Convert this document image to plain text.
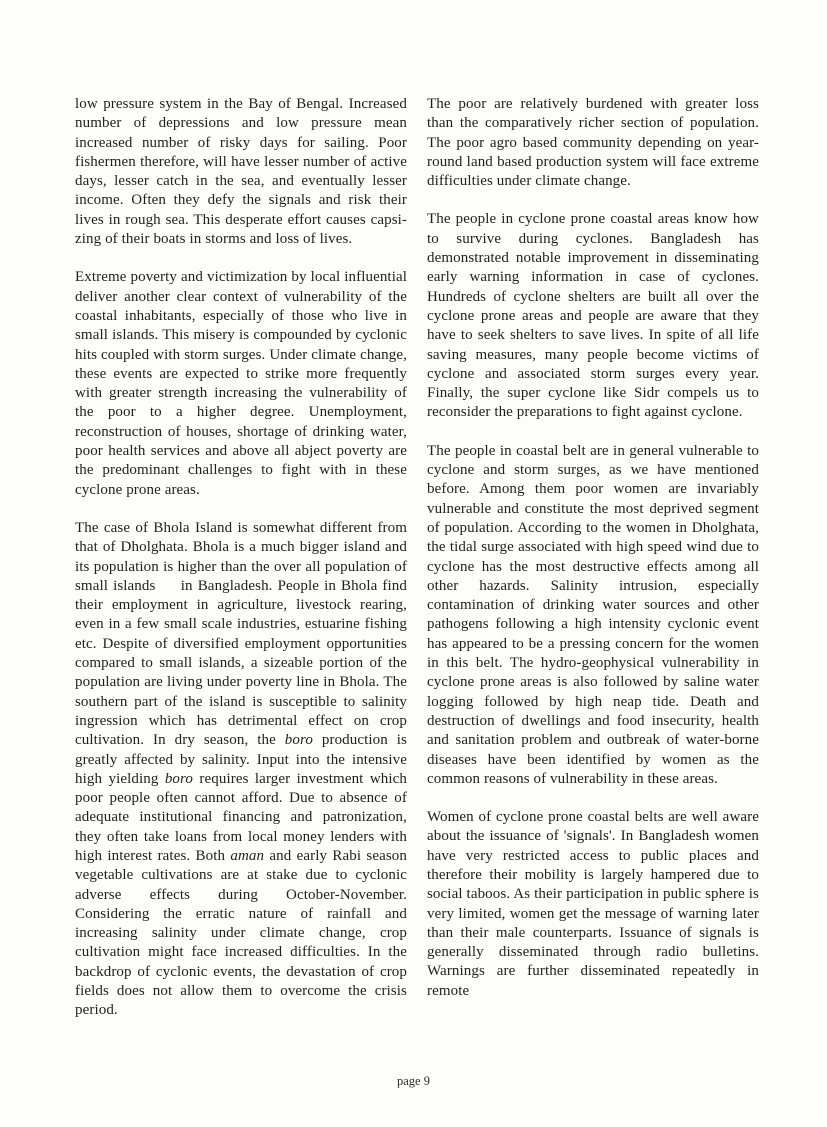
low pressure system in the Bay of Bengal. Increased number of depressions and low pressure mean increased number of risky days for sailing. Poor fishermen therefore, will have lesser number of active days, lesser catch in the sea, and eventually lesser income. Often they defy the signals and risk their lives in rough sea. This desperate effort causes capsi-zing of their boats in storms and loss of lives.

Extreme poverty and victimization by local influential deliver another clear context of vulnerability of the coastal inhabitants, especially of those who live in small islands. This misery is compounded by cyclonic hits coupled with storm surges. Under climate change, these events are expected to strike more frequently with greater strength increasing the vulnerability of the poor to a higher degree. Unemployment, reconstruction of houses, shortage of drinking water, poor health services and above all abject poverty are the predominant challenges to fight with in these cyclone prone areas.

The case of Bhola Island is somewhat different from that of Dholghata. Bhola is a much bigger island and its population is higher than the over all population of small islands     in Bangladesh. People in Bhola find their employment in agriculture, livestock rearing, even in a few small scale industries, estuarine fishing etc. Despite of diversified employment opportunities compared to small islands, a sizeable portion of the population are living under poverty line in Bhola. The southern part of the island is susceptible to salinity ingression which has detrimental effect on crop cultivation. In dry season, the boro production is greatly affected by salinity. Input into the intensive high yielding boro requires larger investment which poor people often cannot afford. Due to absence of adequate institutional financing and patronization, they often take loans from local money lenders with high interest rates. Both aman and early Rabi season vegetable cultivations are at stake due to cyclonic adverse effects during October-November. Considering the erratic nature of rainfall and increasing salinity under climate change, crop cultivation might face increased difficulties. In the backdrop of cyclonic events, the devastation of crop fields does not allow them to overcome the crisis period.

The poor are relatively burdened with greater loss than the comparatively richer section of population. The poor agro based community depending on year-round land based production system will face extreme difficulties under climate change.

The people in cyclone prone coastal areas know how to survive during cyclones. Bangladesh has demonstrated notable improvement in disseminating early warning information in case of cyclones. Hundreds of cyclone shelters are built all over the cyclone prone areas and people are aware that they have to seek shelters to save lives. In spite of all life saving measures, many people become victims of cyclone and associated storm surges every year. Finally, the super cyclone like Sidr compels us to reconsider the preparations to fight against cyclone.

The people in coastal belt are in general vulnerable to cyclone and storm surges, as we have mentioned before. Among them poor women are invariably vulnerable and constitute the most deprived segment of population. According to the women in Dholghata, the tidal surge associated with high speed wind due to cyclone has the most destructive effects among all other hazards. Salinity intrusion, especially contamination of drinking water sources and other pathogens following a high intensity cyclonic event has appeared to be a pressing concern for the women in this belt. The hydro-geophysical vulnerability in cyclone prone areas is also followed by saline water logging followed by high neap tide. Death and destruction of dwellings and food insecurity, health and sanitation problem and outbreak of water-borne diseases have been identified by women as the common reasons of vulnerability in these areas.

Women of cyclone prone coastal belts are well aware about the issuance of 'signals'. In Bangladesh women have very restricted access to public places and therefore their mobility is largely hampered due to social taboos. As their participation in public sphere is very limited, women get the message of warning later than their male counterparts. Issuance of signals is generally disseminated through radio bulletins. Warnings are further disseminated repeatedly in remote

page 9
